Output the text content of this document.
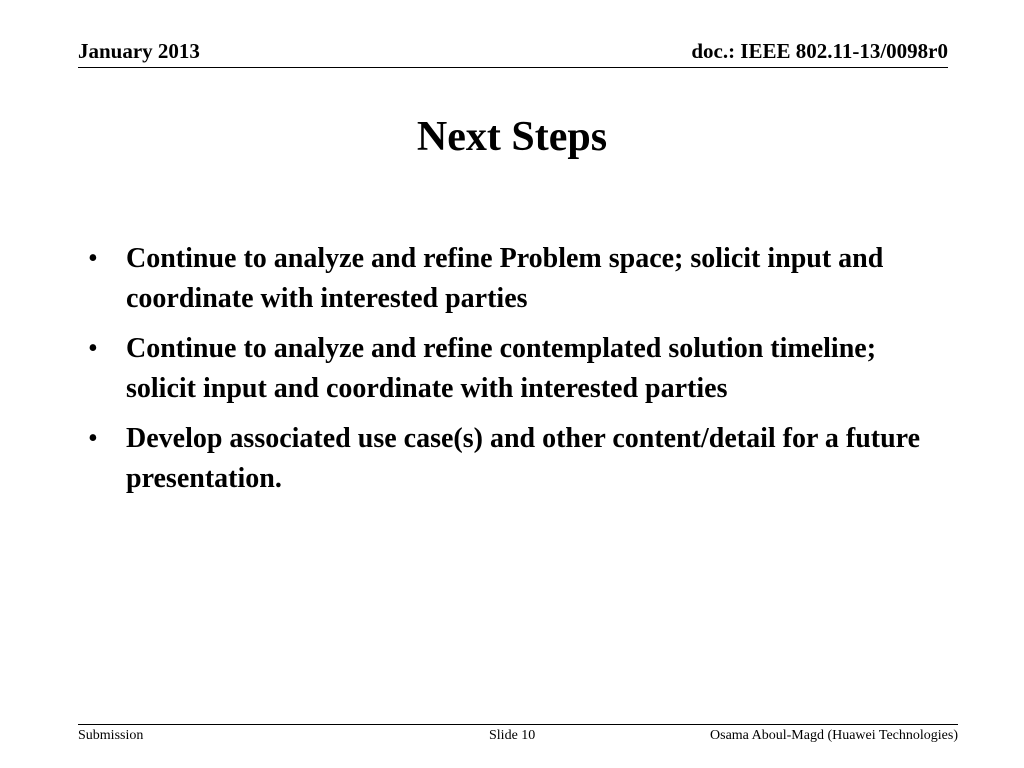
January 2013	doc.: IEEE 802.11-13/0098r0
Next Steps
• Continue to analyze and refine Problem space; solicit input and coordinate with interested parties
• Continue to analyze and refine contemplated solution timeline; solicit input and coordinate with interested parties
• Develop associated use case(s) and other content/detail for a future presentation.
Submission	Slide 10	Osama Aboul-Magd (Huawei Technologies)
